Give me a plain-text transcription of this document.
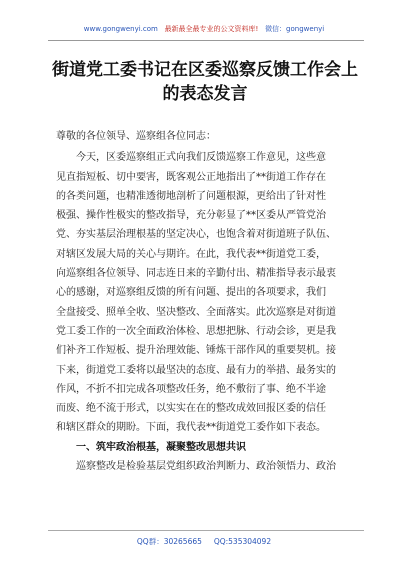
www.gongwenyi.com 最新最全最专业的公文资料库! 微信：gongwenyi
街道党工委书记在区委巡察反馈工作会上
的表态发言
尊敬的各位领导、巡察组各位同志：
今天，区委巡察组正式向我们反馈巡察工作意见，这些意
见直指短板、切中要害，既客观公正地指出了**街道工作存在
的各类问题，也精准透彻地剖析了问题根源，更给出了针对性
极强、操作性极实的整改指导，充分彰显了**区委从严管党治
党、夯实基层治理根基的坚定决心，也饱含着对街道班子队伍、
对辖区发展大局的关心与期许。在此，我代表**街道党工委，
向巡察组各位领导、同志连日来的辛勤付出、精准指导表示最衷
心的感谢，对巡察组反馈的所有问题、提出的各项要求，我们
全盘接受、照单全收、坚决整改、全面落实。此次巡察是对街道
党工委工作的一次全面政治体检、思想把脉、行动会诊，更是我
们补齐工作短板、提升治理效能、锤炼干部作风的重要契机。接
下来，街道党工委将以最坚决的态度、最有力的举措、最务实的
作风，不折不扣完成各项整改任务，绝不敷衍了事、绝不半途
而废、绝不流于形式，以实实在在的整改成效回报区委的信任
和辖区群众的期盼。下面，我代表**街道党工委作如下表态。
一、筑牢政治根基，凝聚整改思想共识
巡察整改是检验基层党组织政治判断力、政治领悟力、政治
QQ群：30265665 QQ:535304092
